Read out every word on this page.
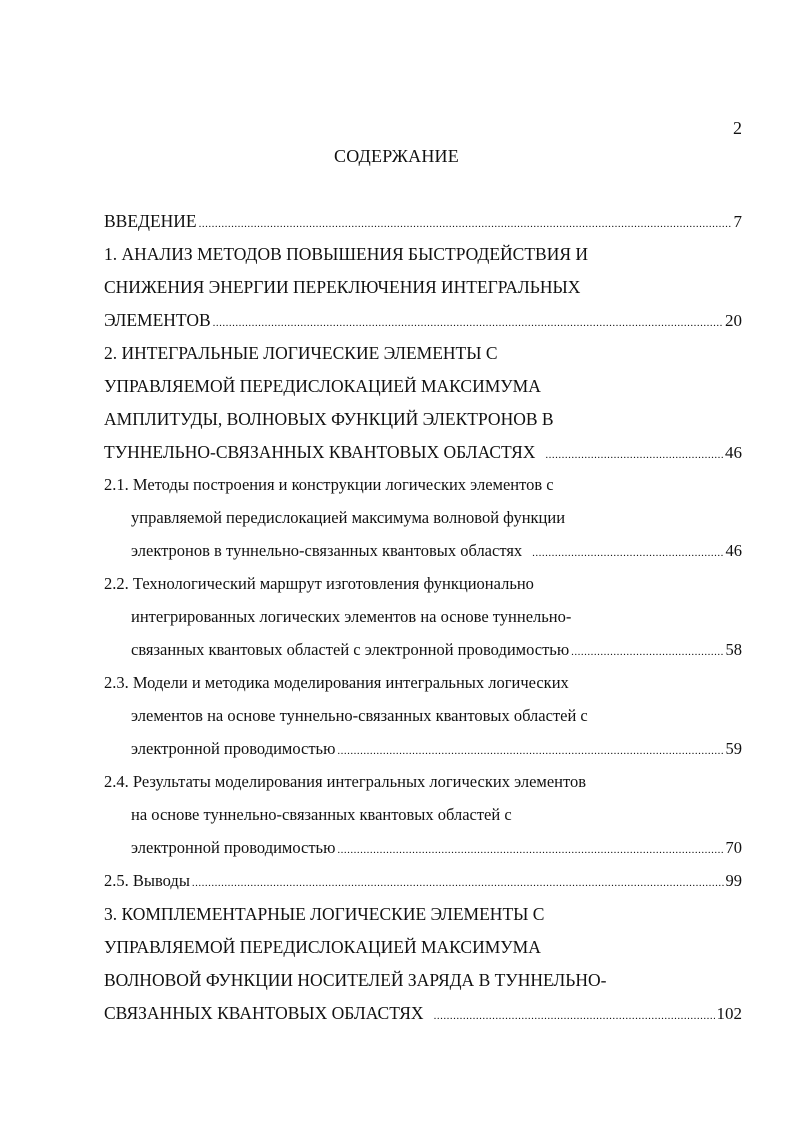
2
СОДЕРЖАНИЕ
ВВЕДЕНИЕ .....	7
1. АНАЛИЗ МЕТОДОВ ПОВЫШЕНИЯ БЫСТРОДЕЙСТВИЯ И
СНИЖЕНИЯ ЭНЕРГИИ ПЕРЕКЛЮЧЕНИЯ ИНТЕГРАЛЬНЫХ
ЭЛЕМЕНТОВ .....	20
2. ИНТЕГРАЛЬНЫЕ ЛОГИЧЕСКИЕ ЭЛЕМЕНТЫ С
УПРАВЛЯЕМОЙ ПЕРЕДИСЛОКАЦИЕЙ МАКСИМУМА
АМПЛИТУДЫ, ВОЛНОВЫХ ФУНКЦИЙ ЭЛЕКТРОНОВ В
ТУННЕЛЬНО-СВЯЗАННЫХ КВАНТОВЫХ ОБЛАСТЯХ .....	46
2.1. Методы построения и конструкции логических элементов с
управляемой передислокацией максимума волновой функции
электронов в туннельно-связанных квантовых областях .....	46
2.2. Технологический маршрут изготовления функционально
интегрированных логических элементов на основе туннельно-
связанных квантовых областей с электронной проводимостью .....	58
2.3. Модели и методика моделирования интегральных логических
элементов на основе туннельно-связанных квантовых областей с
электронной проводимостью .....	59
2.4. Результаты моделирования интегральных логических элементов
на основе туннельно-связанных квантовых областей с
электронной проводимостью .....	70
2.5. Выводы .....	99
3. КОМПЛЕМЕНТАРНЫЕ ЛОГИЧЕСКИЕ ЭЛЕМЕНТЫ С
УПРАВЛЯЕМОЙ ПЕРЕДИСЛОКАЦИЕЙ МАКСИМУМА
ВОЛНОВОЙ ФУНКЦИИ НОСИТЕЛЕЙ ЗАРЯДА В ТУННЕЛЬНО-
СВЯЗАННЫХ КВАНТОВЫХ ОБЛАСТЯХ .....	102
